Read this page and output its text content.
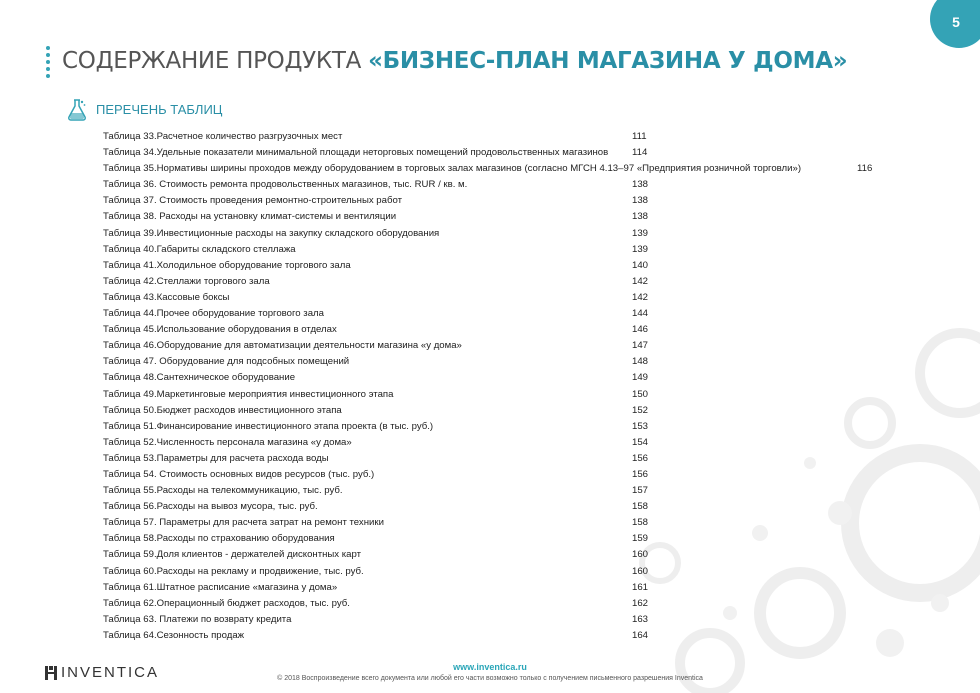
5
СОДЕРЖАНИЕ ПРОДУКТА «БИЗНЕС-ПЛАН МАГАЗИНА У ДОМА»
ПЕРЕЧЕНЬ ТАБЛИЦ
Таблица 33.Расчетное количество разгрузочных мест	111
Таблица 34.Удельные показатели минимальной площади неторговых помещений продовольственных магазинов 114
Таблица 35.Нормативы ширины проходов между оборудованием в торговых залах магазинов (согласно МГСН 4.13–97 «Предприятия розничной торговли»)	116
Таблица 36. Стоимость ремонта продовольственных магазинов, тыс. RUR / кв. м.	138
Таблица 37. Стоимость проведения ремонтно-строительных работ	138
Таблица 38. Расходы на установку климат-системы и вентиляции	138
Таблица 39.Инвестиционные расходы на закупку складского оборудования	139
Таблица 40.Габариты складского стеллажа	139
Таблица 41.Холодильное оборудование торгового зала	140
Таблица 42.Стеллажи торгового зала	142
Таблица 43.Кассовые боксы	142
Таблица 44.Прочее оборудование торгового зала	144
Таблица 45.Использование оборудования в отделах	146
Таблица 46.Оборудование для автоматизации деятельности магазина «у дома»	147
Таблица 47. Оборудование для подсобных помещений	148
Таблица 48.Сантехническое оборудование	149
Таблица 49.Маркетинговые мероприятия инвестиционного этапа	150
Таблица 50.Бюджет расходов инвестиционного этапа	152
Таблица 51.Финансирование инвестиционного этапа проекта (в тыс. руб.)	153
Таблица 52.Численность персонала магазина «у дома»	154
Таблица 53.Параметры для расчета расхода воды	156
Таблица 54. Стоимость основных видов ресурсов (тыс. руб.)	156
Таблица 55.Расходы на телекоммуникацию, тыс. руб.	157
Таблица 56.Расходы на вывоз мусора, тыс. руб.	158
Таблица 57. Параметры для расчета затрат на ремонт техники	158
Таблица 58.Расходы по страхованию оборудования	159
Таблица 59.Доля клиентов - держателей дисконтных карт	160
Таблица 60.Расходы на рекламу и продвижение, тыс. руб.	160
Таблица 61.Штатное расписание «магазина у дома»	161
Таблица 62.Операционный бюджет расходов, тыс. руб.	162
Таблица 63. Платежи по возврату кредита	163
Таблица 64.Сезонность продаж	164
INVENTICA	www.inventica.ru
© 2018 Воспроизведение всего документа или любой его части возможно только с получением письменного разрешения Inventica
